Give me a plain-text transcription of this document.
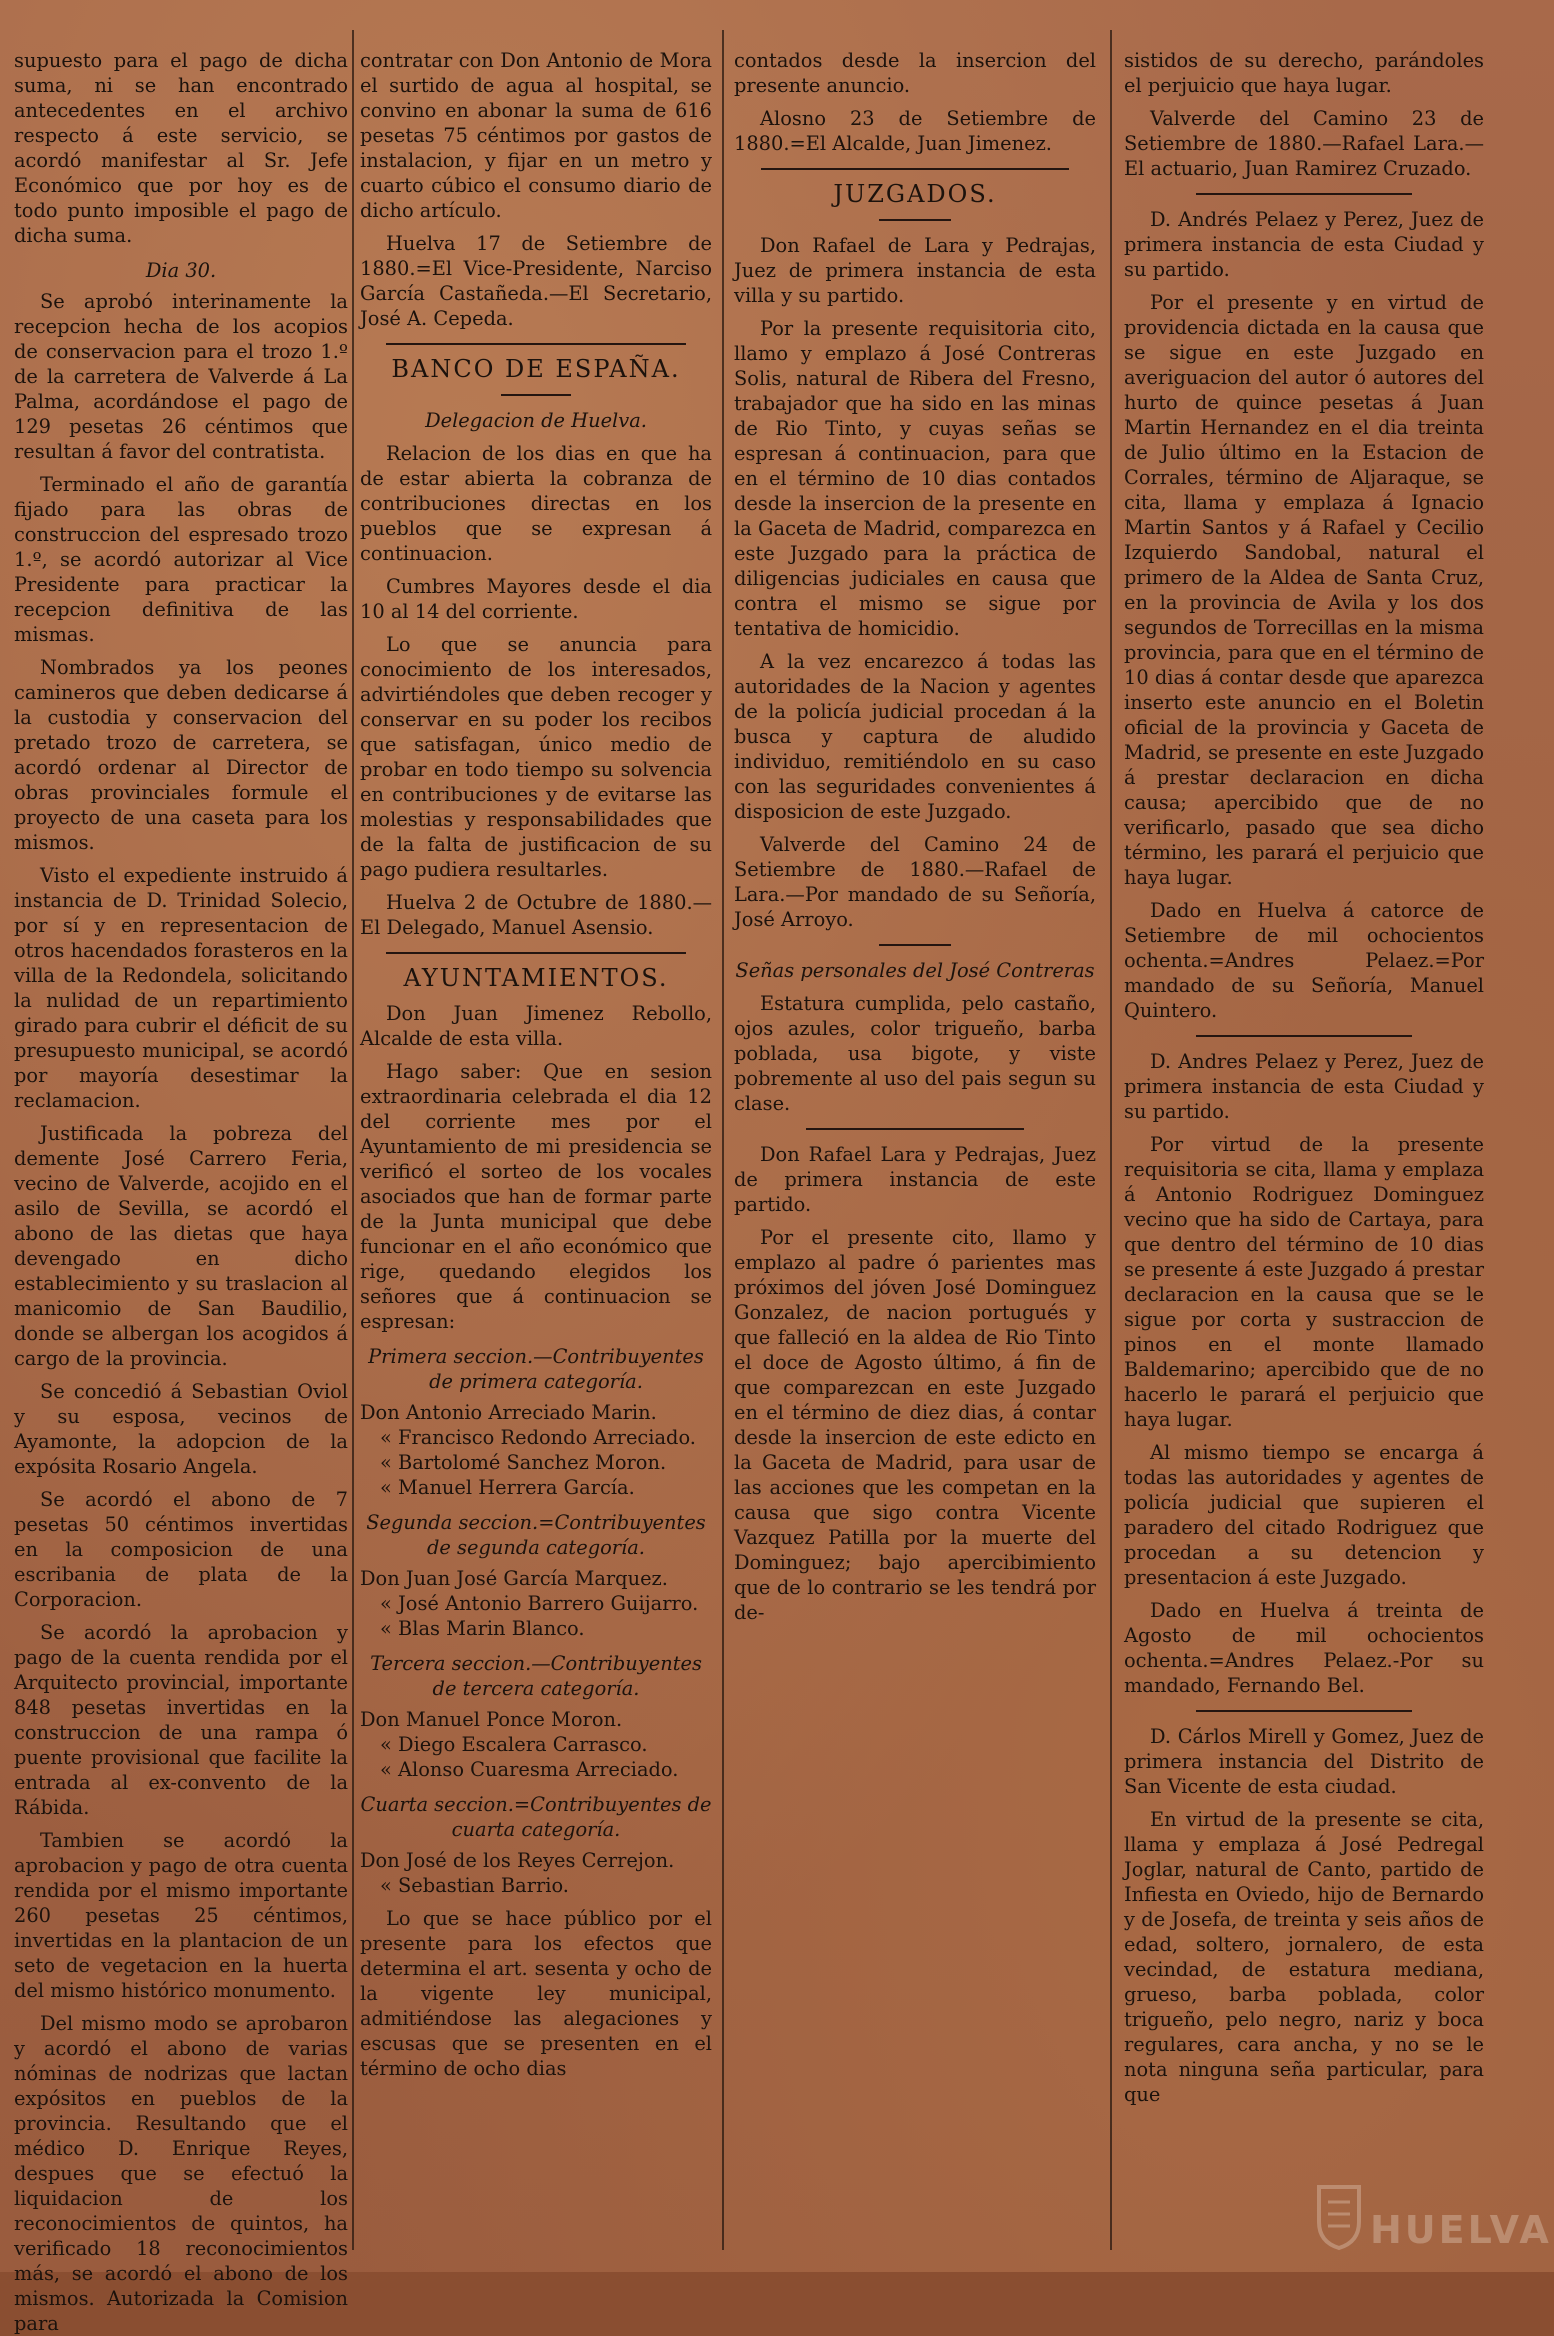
supuesto para el pago de dicha suma, ni se han encontrado antecedentes en el archivo respecto á este servicio, se acordó manifestar al Sr. Jefe Económico que por hoy es de todo punto imposible el pago de dicha suma.

Dia 30.

Se aprobó interinamente la recepcion hecha de los acopios de conservacion para el trozo 1.º de la carretera de Valverde á La Palma, acordándose el pago de 129 pesetas 26 céntimos que resultan á favor del contratista.

Terminado el año de garantía fijado para las obras de construccion del espresado trozo 1.º, se acordó autorizar al Vice Presidente para practicar la recepcion definitiva de las mismas.

Nombrados ya los peones camineros que deben dedicarse á la custodia y conservacion del pretado trozo de carretera, se acordó ordenar al Director de obras provinciales formule el proyecto de una caseta para los mismos.

Visto el expediente instruido á instancia de D. Trinidad Solecio, por sí y en representacion de otros hacendados forasteros en la villa de la Redondela, solicitando la nulidad de un repartimiento girado para cubrir el déficit de su presupuesto municipal, se acordó por mayoría desestimar la reclamacion.

Justificada la pobreza del demente José Carrero Feria, vecino de Valverde, acojido en el asilo de Sevilla, se acordó el abono de las dietas que haya devengado en dicho establecimiento y su traslacion al manicomio de San Baudilio, donde se albergan los acogidos á cargo de la provincia.

Se concedió á Sebastian Oviol y su esposa, vecinos de Ayamonte, la adopcion de la expósita Rosario Angela.

Se acordó el abono de 7 pesetas 50 céntimos invertidas en la composicion de una escribania de plata de la Corporacion.

Se acordó la aprobacion y pago de la cuenta rendida por el Arquitecto provincial, importante 848 pesetas invertidas en la construccion de una rampa ó puente provisional que facilite la entrada al ex-convento de la Rábida.

Tambien se acordó la aprobacion y pago de otra cuenta rendida por el mismo importante 260 pesetas 25 céntimos, invertidas en la plantacion de un seto de vegetacion en la huerta del mismo histórico monumento.

Del mismo modo se aprobaron y acordó el abono de varias nóminas de nodrizas que lactan expósitos en pueblos de la provincia. Resultando que el médico D. Enrique Reyes, despues que se efectuó la liquidacion de los reconocimientos de quintos, ha verificado 18 reconocimientos más, se acordó el abono de los mismos. Autorizada la Comision para

contratar con Don Antonio de Mora el surtido de agua al hospital, se convino en abonar la suma de 616 pesetas 75 céntimos por gastos de instalacion, y fijar en un metro y cuarto cúbico el consumo diario de dicho artículo.

Huelva 17 de Setiembre de 1880.=El Vice-Presidente, Narciso García Castañeda.—El Secretario, José A. Cepeda.

BANCO DE ESPAÑA.
Delegacion de Huelva.

Relacion de los dias en que ha de estar abierta la cobranza de contribuciones directas en los pueblos que se expresan á continuacion.

Cumbres Mayores desde el dia 10 al 14 del corriente.

Lo que se anuncia para conocimiento de los interesados, advirtiéndoles que deben recoger y conservar en su poder los recibos que satisfagan, único medio de probar en todo tiempo su solvencia en contribuciones y de evitarse las molestias y responsabilidades que de la falta de justificacion de su pago pudiera resultarles.

Huelva 2 de Octubre de 1880.—El Delegado, Manuel Asensio.

AYUNTAMIENTOS.

Don Juan Jimenez Rebollo, Alcalde de esta villa.

Hago saber: Que en sesion extraordinaria celebrada el dia 12 del corriente mes por el Ayuntamiento de mi presidencia se verificó el sorteo de los vocales asociados que han de formar parte de la Junta municipal que debe funcionar en el año económico que rige, quedando elegidos los señores que á continuacion se espresan:

Primera seccion.—Contribuyentes de primera categoría.
Don Antonio Arreciado Marin.
« Francisco Redondo Arreciado.
« Bartolomé Sanchez Moron.
« Manuel Herrera García.
Segunda seccion.=Contribuyentes de segunda categoría.
Don Juan José García Marquez.
« José Antonio Barrero Guijarro.
« Blas Marin Blanco.
Tercera seccion.—Contribuyentes de tercera categoría.
Don Manuel Ponce Moron.
« Diego Escalera Carrasco.
« Alonso Cuaresma Arreciado.
Cuarta seccion.=Contribuyentes de cuarta categoría.
Don José de los Reyes Cerrejon.
« Sebastian Barrio.

Lo que se hace público por el presente para los efectos que determina el art. sesenta y ocho de la vigente ley municipal, admitiéndose las alegaciones y escusas que se presenten en el término de ocho dias

contados desde la insercion del presente anuncio.

Alosno 23 de Setiembre de 1880.=El Alcalde, Juan Jimenez.

JUZGADOS.

Don Rafael de Lara y Pedrajas, Juez de primera instancia de esta villa y su partido.

Por la presente requisitoria cito, llamo y emplazo á José Contreras Solis, natural de Ribera del Fresno, trabajador que ha sido en las minas de Rio Tinto, y cuyas señas se espresan á continuacion, para que en el término de 10 dias contados desde la insercion de la presente en la Gaceta de Madrid, comparezca en este Juzgado para la práctica de diligencias judiciales en causa que contra el mismo se sigue por tentativa de homicidio.

A la vez encarezco á todas las autoridades de la Nacion y agentes de la policía judicial procedan á la busca y captura de aludido individuo, remitiéndolo en su caso con las seguridades convenientes á disposicion de este Juzgado.

Valverde del Camino 24 de Setiembre de 1880.—Rafael de Lara.—Por mandado de su Señoría, José Arroyo.

Señas personales del José Contreras

Estatura cumplida, pelo castaño, ojos azules, color trigueño, barba poblada, usa bigote, y viste pobremente al uso del pais segun su clase.

Don Rafael Lara y Pedrajas, Juez de primera instancia de este partido.

Por el presente cito, llamo y emplazo al padre ó parientes mas próximos del jóven José Dominguez Gonzalez, de nacion portugués y que falleció en la aldea de Rio Tinto el doce de Agosto último, á fin de que comparezcan en este Juzgado en el término de diez dias, á contar desde la insercion de este edicto en la Gaceta de Madrid, para usar de las acciones que les competan en la causa que sigo contra Vicente Vazquez Patilla por la muerte del Dominguez; bajo apercibimiento que de lo contrario se les tendrá por de-

sistidos de su derecho, parándoles el perjuicio que haya lugar.

Valverde del Camino 23 de Setiembre de 1880.—Rafael Lara.—El actuario, Juan Ramirez Cruzado.

D. Andrés Pelaez y Perez, Juez de primera instancia de esta Ciudad y su partido.

Por el presente y en virtud de providencia dictada en la causa que se sigue en este Juzgado en averiguacion del autor ó autores del hurto de quince pesetas á Juan Martin Hernandez en el dia treinta de Julio último en la Estacion de Corrales, término de Aljaraque, se cita, llama y emplaza á Ignacio Martin Santos y á Rafael y Cecilio Izquierdo Sandobal, natural el primero de la Aldea de Santa Cruz, en la provincia de Avila y los dos segundos de Torrecillas en la misma provincia, para que en el término de 10 dias á contar desde que aparezca inserto este anuncio en el Boletin oficial de la provincia y Gaceta de Madrid, se presente en este Juzgado á prestar declaracion en dicha causa; apercibido que de no verificarlo, pasado que sea dicho término, les parará el perjuicio que haya lugar.

Dado en Huelva á catorce de Setiembre de mil ochocientos ochenta.=Andres Pelaez.=Por mandado de su Señoría, Manuel Quintero.

D. Andres Pelaez y Perez, Juez de primera instancia de esta Ciudad y su partido.

Por virtud de la presente requisitoria se cita, llama y emplaza á Antonio Rodriguez Dominguez vecino que ha sido de Cartaya, para que dentro del término de 10 dias se presente á este Juzgado á prestar declaracion en la causa que se le sigue por corta y sustraccion de pinos en el monte llamado Baldemarino; apercibido que de no hacerlo le parará el perjuicio que haya lugar.

Al mismo tiempo se encarga á todas las autoridades y agentes de policía judicial que supieren el paradero del citado Rodriguez que procedan a su detencion y presentacion á este Juzgado.

Dado en Huelva á treinta de Agosto de mil ochocientos ochenta.=Andres Pelaez.-Por su mandado, Fernando Bel.

D. Cárlos Mirell y Gomez, Juez de primera instancia del Distrito de San Vicente de esta ciudad.

En virtud de la presente se cita, llama y emplaza á José Pedregal Joglar, natural de Canto, partido de Infiesta en Oviedo, hijo de Bernardo y de Josefa, de treinta y seis años de edad, soltero, jornalero, de esta vecindad, de estatura mediana, grueso, barba poblada, color trigueño, pelo negro, nariz y boca regulares, cara ancha, y no se le nota ninguna seña particular, para que

HUELVA
